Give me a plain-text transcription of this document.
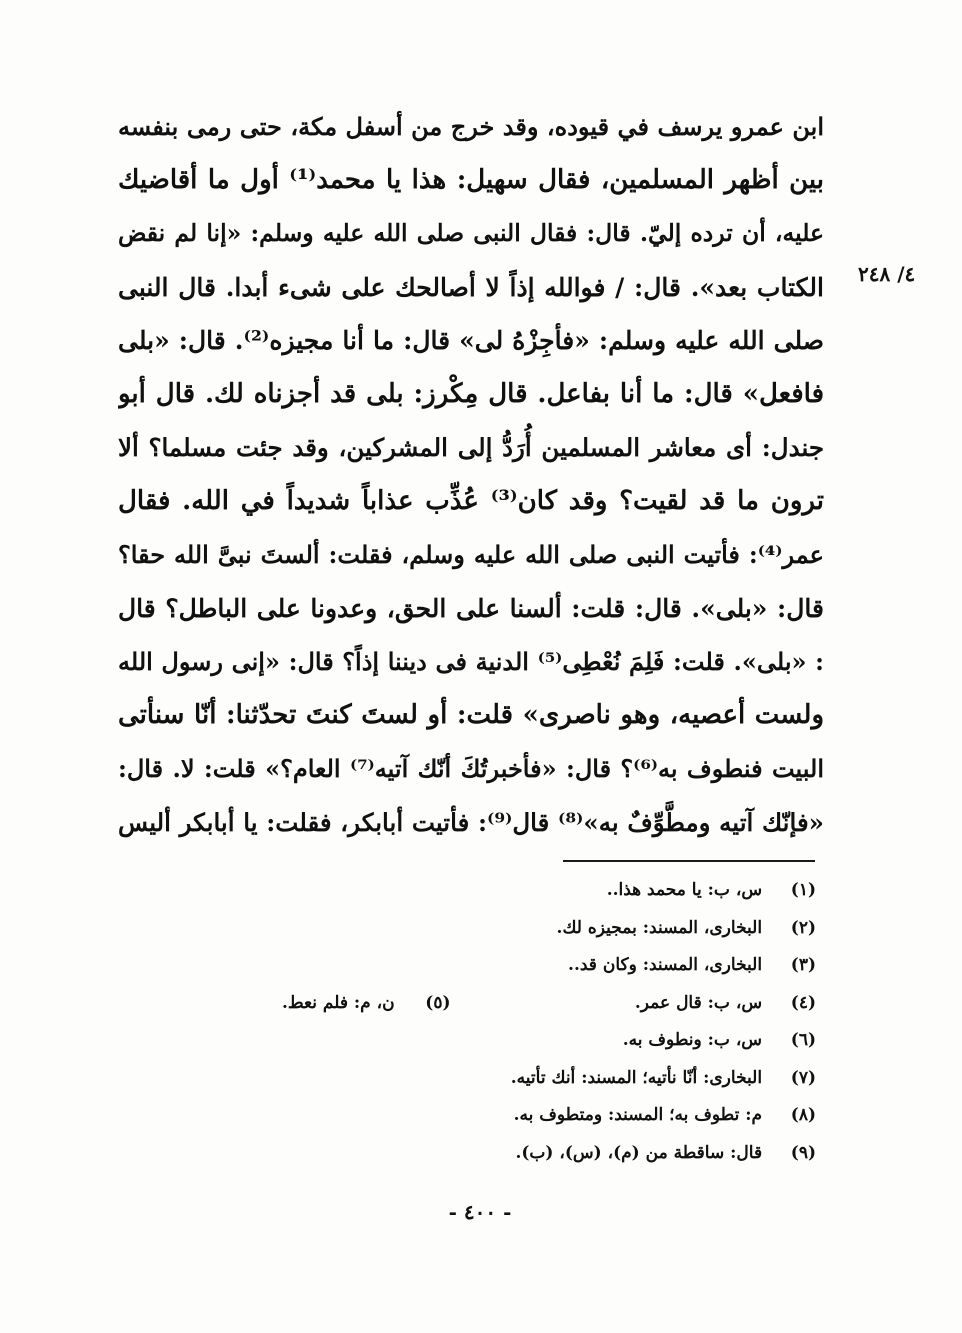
٤/ ٢٤٨
ابن عمرو يرسف في قيوده، وقد خرج من أسفل مكة، حتى رمى بنفسه
بين أظهر المسلمين، فقال سهيل: هذا يا محمد⁽¹⁾ أول ما أقاضيك
عليه، أن ترده إليّ. قال: فقال النبى صلى الله عليه وسلم: «إنا لم نقض
الكتاب بعد». قال: / فوالله إذاً لا أصالحك على شىء أبدا. قال النبى
صلى الله عليه وسلم: «فأجِزْهُ لى» قال: ما أنا مجيزه⁽²⁾. قال: «بلى
فافعل» قال: ما أنا بفاعل. قال مِكْرز: بلى قد أجزناه لك. قال أبو
جندل: أى معاشر المسلمين أُرَدُّ إلى المشركين، وقد جئت مسلما؟ ألا
ترون ما قد لقيت؟ وقد كان⁽³⁾ عُذِّب عذاباً شديداً في الله. فقال
عمر⁽⁴⁾: فأتيت النبى صلى الله عليه وسلم، فقلت: ألستَ نبىَّ الله حقا؟
قال: «بلى». قال: قلت: ألسنا على الحق، وعدونا على الباطل؟ قال
: «بلى». قلت: فَلِمَ نُعْطِى⁽⁵⁾ الدنية فى ديننا إذاً؟ قال: «إنى رسول الله
ولست أعصيه، وهو ناصرى» قلت: أو لستَ كنتَ تحدّثنا: أنّا سنأتى
البيت فنطوف به⁽⁶⁾؟ قال: «فأخبرتُكَ أنّك آتيه⁽⁷⁾ العام؟» قلت: لا. قال:
«فإنّك آتيه ومطَّوِّفٌ به»⁽⁸⁾ قال⁽⁹⁾: فأتيت أبابكر، فقلت: يا أبابكر أليس
(١) س، ب: يا محمد هذا..
(٢) البخارى، المسند: بمجيزه لك.
(٣) البخارى، المسند: وكان قد..
(٤) س، ب: قال عمر.
(٥) ن، م: فلم نعط.
(٦) س، ب: ونطوف به.
(٧) البخارى: أنّا نأتيه؛ المسند: أنك تأتيه.
(٨) م: تطوف به؛ المسند: ومتطوف به.
(٩) قال: ساقطة من (م)، (س)، (ب).
- ٤٠٠ -
